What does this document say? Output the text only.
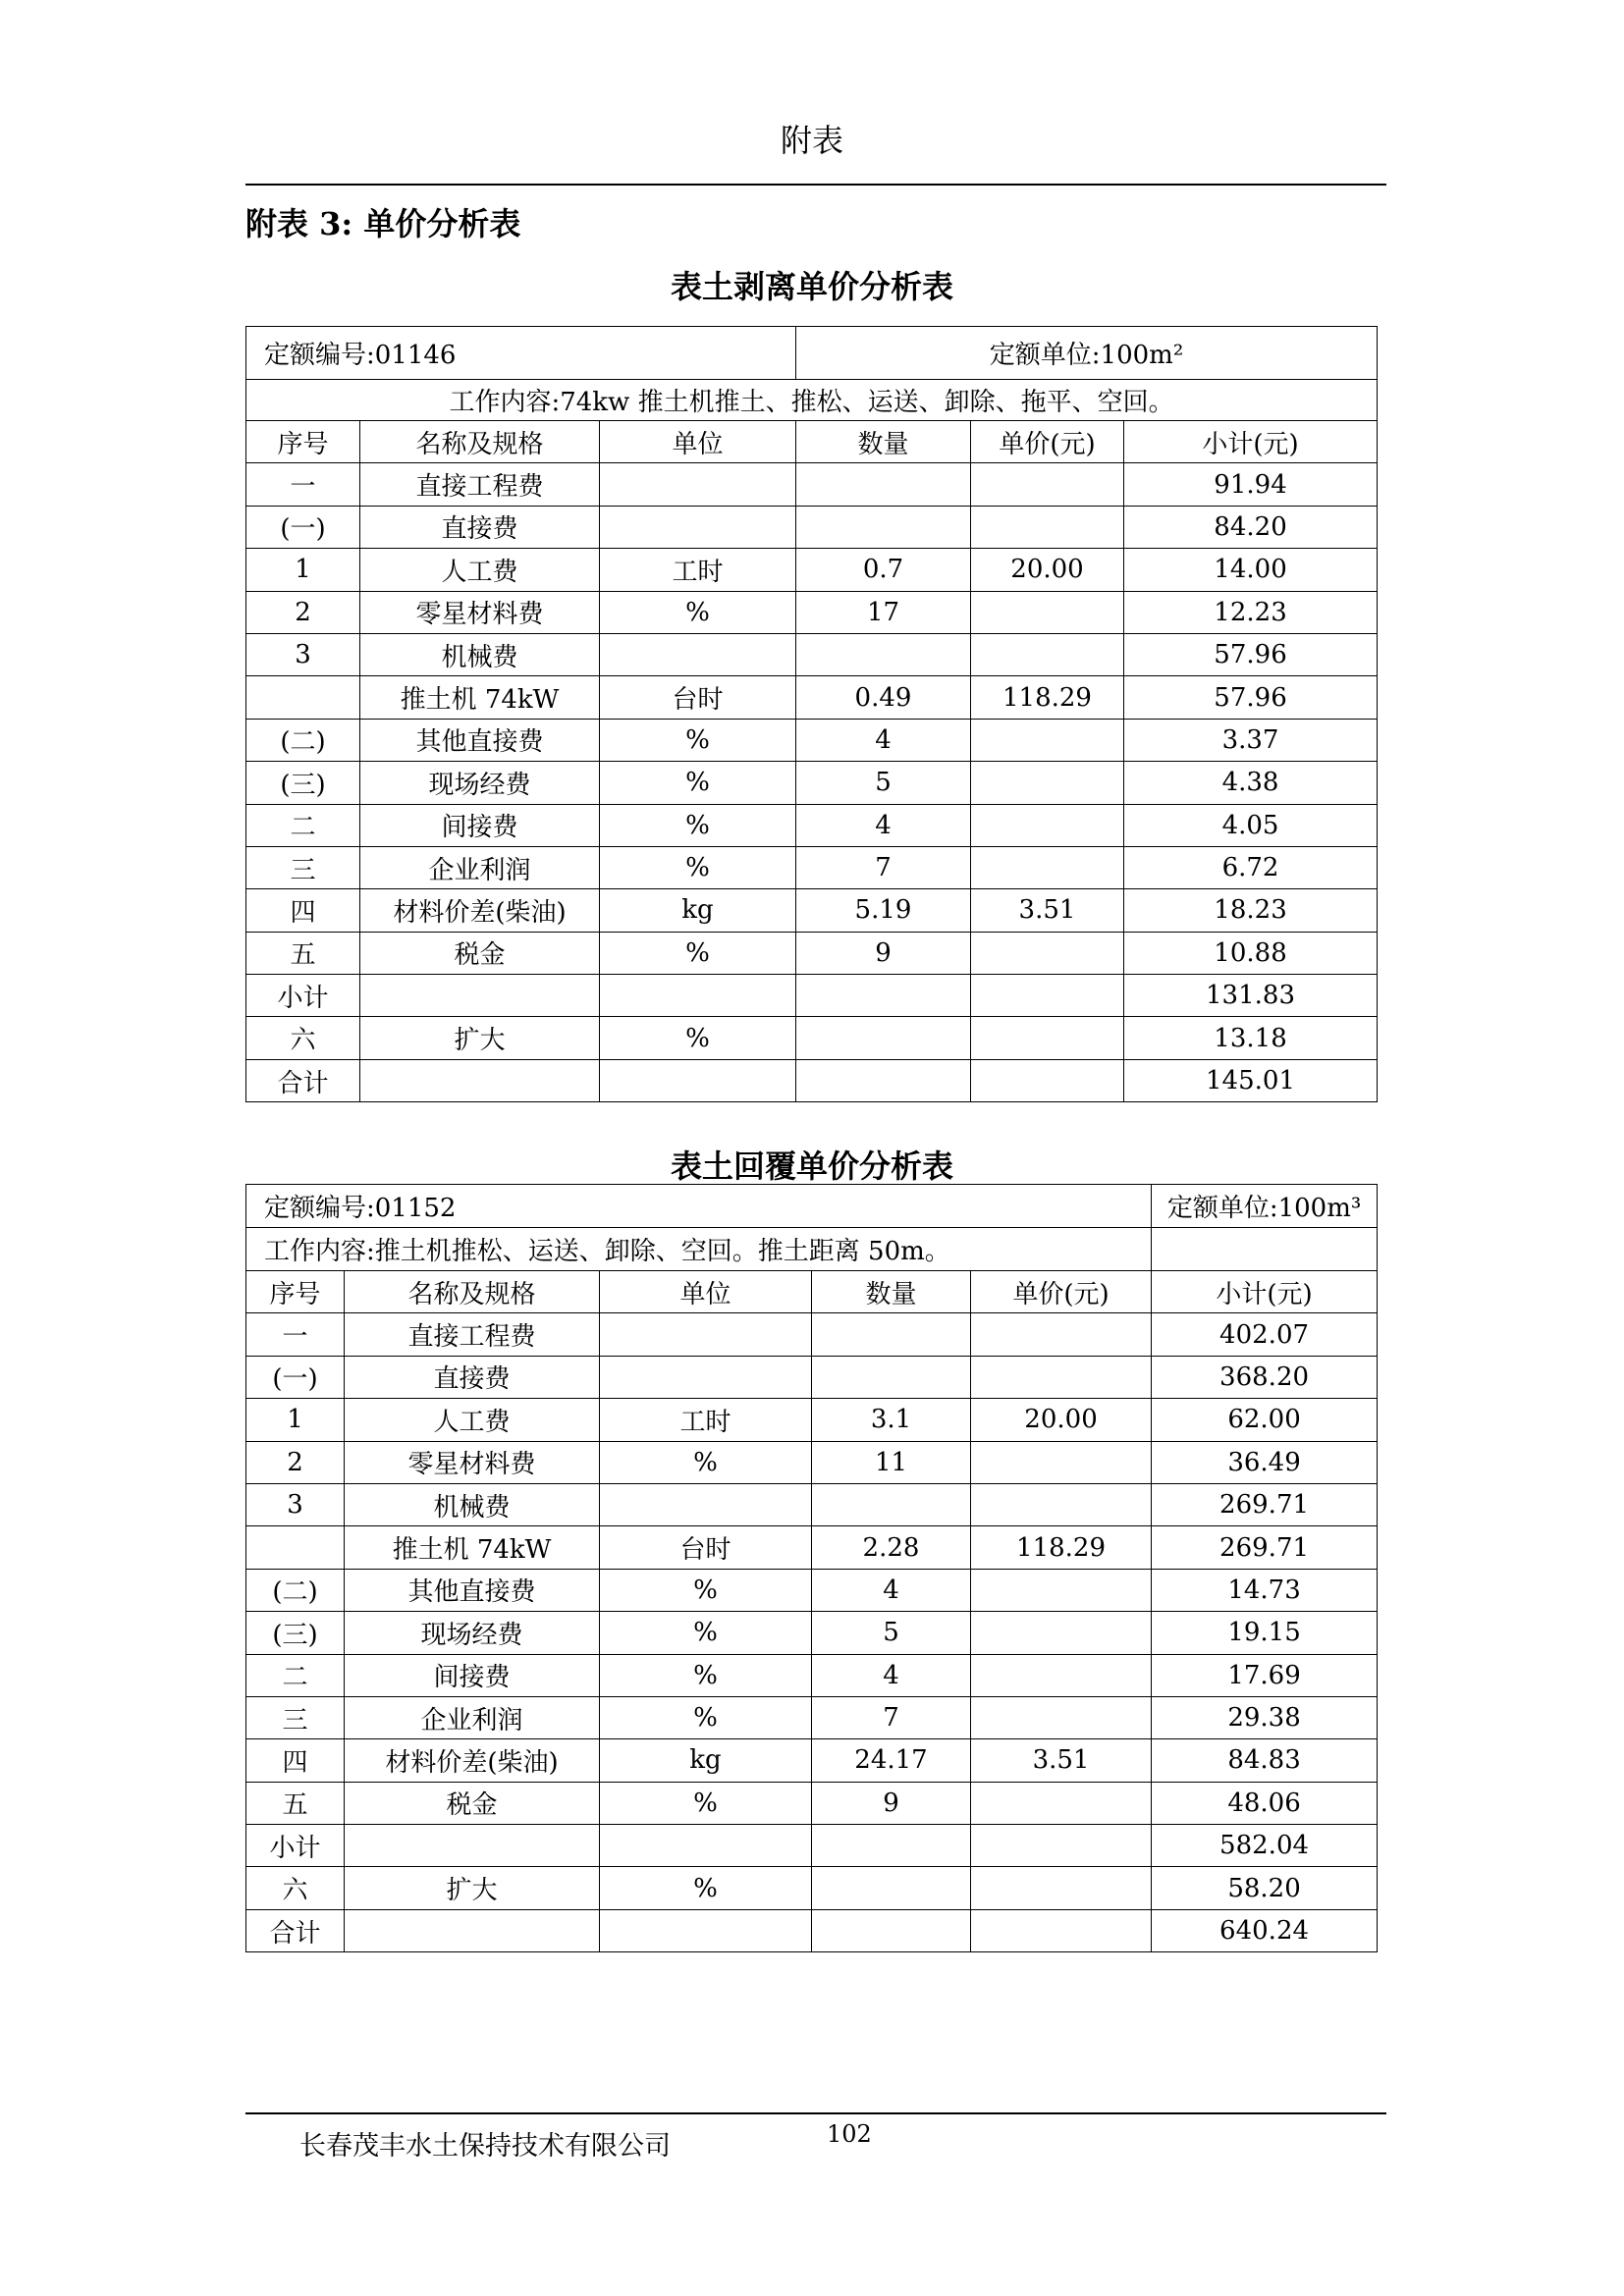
附表
附表 3: 单价分析表
表土剥离单价分析表
定额编号:01146			定额单位:100m²		
工作内容:74kw 推土机推土、推松、运送、卸除、拖平、空回。					
序号	名称及规格	单位	数量	单价(元)	小计(元)
一	直接工程费				91.94
(一)	直接费				84.20
1	人工费	工时	0.7	20.00	14.00
2	零星材料费	%	17		12.23
3	机械费				57.96
	推土机 74kW	台时	0.49	118.29	57.96
(二)	其他直接费	%	4		3.37
(三)	现场经费	%	5		4.38
二	间接费	%	4		4.05
三	企业利润	%	7		6.72
四	材料价差(柴油)	kg	5.19	3.51	18.23
五	税金	%	9		10.88
小计					131.83
六	扩大	%			13.18
合计					145.01
表土回覆单价分析表
定额编号:01152					定额单位:100m³
工作内容:推土机推松、运送、卸除、空回。推土距离 50m。					
序号	名称及规格	单位	数量	单价(元)	小计(元)
一	直接工程费				402.07
(一)	直接费				368.20
1	人工费	工时	3.1	20.00	62.00
2	零星材料费	%	11		36.49
3	机械费				269.71
	推土机 74kW	台时	2.28	118.29	269.71
(二)	其他直接费	%	4		14.73
(三)	现场经费	%	5		19.15
二	间接费	%	4		17.69
三	企业利润	%	7		29.38
四	材料价差(柴油)	kg	24.17	3.51	84.83
五	税金	%	9		48.06
小计					582.04
六	扩大	%			58.20
合计					640.24
长春茂丰水土保持技术有限公司	102
